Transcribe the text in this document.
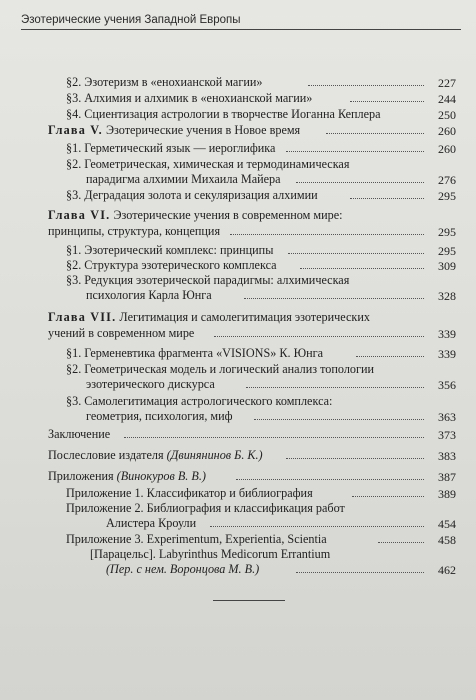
Эзотерические учения Западной Европы
§2. Эзотеризм в «енохианской магии»	227
§3. Алхимия и алхимик в «енохианской магии»	244
§4. Сциентизация астрологии в творчестве Иоганна Кеплера	250
Глава V. Эзотерические учения в Новое время	260
§1. Герметический язык — иероглифика	260
§2. Геометрическая, химическая и термодинамическая
парадигма алхимии Михаила Майера	276
§3. Деградация золота и секуляризация алхимии	295
Глава VI. Эзотерические учения в современном мире:
принципы, структура, концепция	295
§1. Эзотерический комплекс: принципы	295
§2. Структура эзотерического комплекса	309
§3. Редукция эзотерической парадигмы: алхимическая
психология Карла Юнга	328
Глава VII. Легитимация и самолегитимация эзотерических
учений в современном мире	339
§1. Герменевтика фрагмента «VISIONS» К. Юнга	339
§2. Геометрическая модель и логический анализ топологии
эзотерического дискурса	356
§3. Самолегитимация астрологического комплекса:
геометрия, психология, миф	363
Заключение	373
Послесловие издателя (Двинянинов Б. К.)	383
Приложения (Винокуров В. В.)	387
Приложение 1. Классификатор и библиография	389
Приложение 2. Библиография и классификация работ
Алистера Кроули	454
Приложение 3. Experimentum, Experientia, Scientia	458
[Парацельс]. Labyrinthus Medicorum Errantium
(Пер. с нем. Воронцова М. В.)	462
